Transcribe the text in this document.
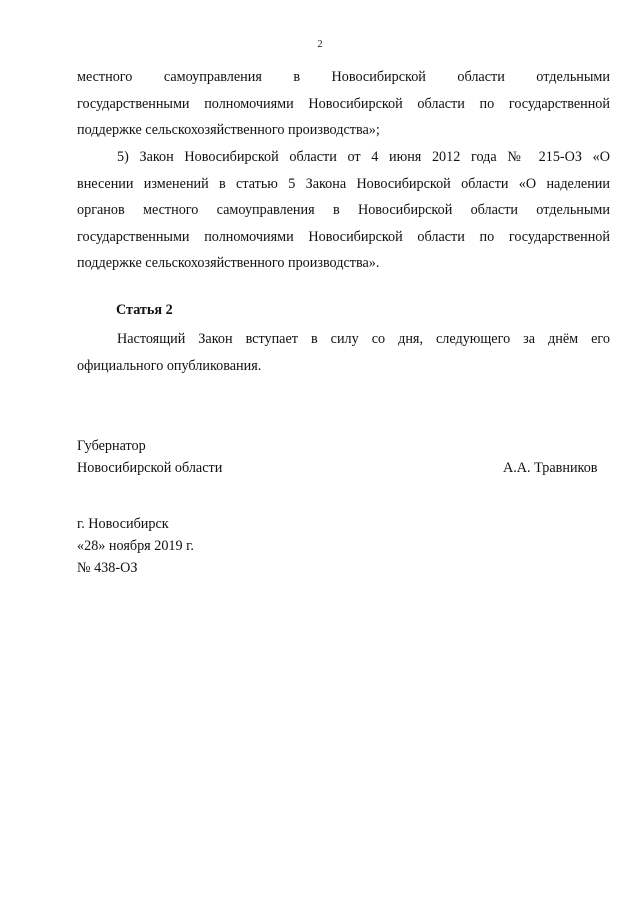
2
местного самоуправления в Новосибирской области отдельными
государственными полномочиями Новосибирской области по государственной
поддержке сельскохозяйственного производства»;
5) Закон Новосибирской области от 4 июня 2012 года № 215-ОЗ «О
внесении изменений в статью 5 Закона Новосибирской области «О наделении
органов местного самоуправления в Новосибирской области отдельными
государственными полномочиями Новосибирской области по государственной
поддержке сельскохозяйственного производства».
Статья 2
Настоящий Закон вступает в силу со дня, следующего за днём его
официального опубликования.
Губернатор
Новосибирской области	А.А. Травников
г. Новосибирск
«28» ноября 2019 г.
№ 438-ОЗ
